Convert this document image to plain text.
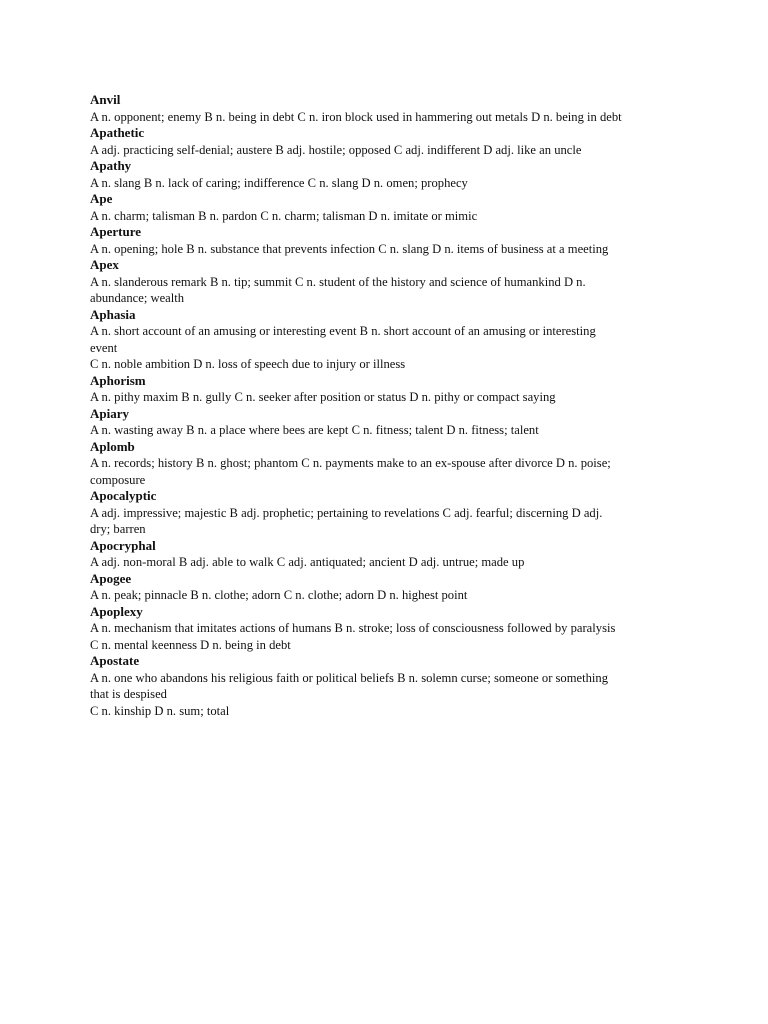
Anvil
A n. opponent; enemy B n. being in debt C n. iron block used in hammering out metals D n. being in debt
Apathetic
A adj. practicing self-denial; austere B adj. hostile; opposed C adj. indifferent D adj. like an uncle
Apathy
A n. slang B n. lack of caring; indifference C n. slang D n. omen; prophecy
Ape
A n. charm; talisman B n. pardon C n. charm; talisman D n. imitate or mimic
Aperture
A n. opening; hole B n. substance that prevents infection C n. slang D n. items of business at a meeting
Apex
A n. slanderous remark B n. tip; summit C n. student of the history and science of humankind D n.
abundance; wealth
Aphasia
A n. short account of an amusing or interesting event B n. short account of an amusing or interesting
event
C n. noble ambition D n. loss of speech due to injury or illness
Aphorism
A n. pithy maxim B n. gully C n. seeker after position or status D n. pithy or compact saying
Apiary
A n. wasting away B n. a place where bees are kept C n. fitness; talent D n. fitness; talent
Aplomb
A n. records; history B n. ghost; phantom C n. payments make to an ex-spouse after divorce D n. poise;
composure
Apocalyptic
A adj. impressive; majestic B adj. prophetic; pertaining to revelations C adj. fearful; discerning D adj.
dry; barren
Apocryphal
A adj. non-moral B adj. able to walk C adj. antiquated; ancient D adj. untrue; made up
Apogee
A n. peak; pinnacle B n. clothe; adorn C n. clothe; adorn D n. highest point
Apoplexy
A n. mechanism that imitates actions of humans B n. stroke; loss of consciousness followed by paralysis
C n. mental keenness D n. being in debt
Apostate
A n. one who abandons his religious faith or political beliefs B n. solemn curse; someone or something
that is despised
C n. kinship D n. sum; total
